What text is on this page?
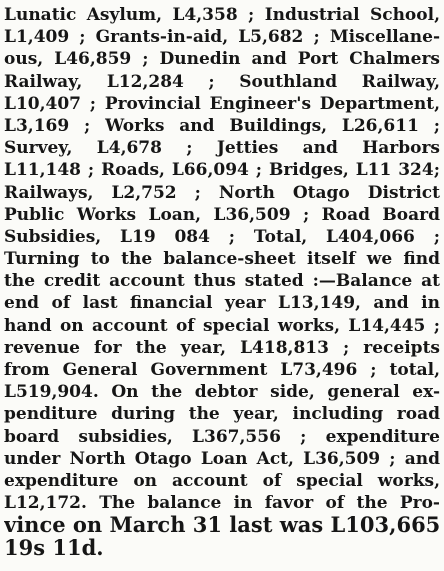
Lunatic Asylum, L4,358 ; Industrial School,
L1,409 ; Grants-in-aid, L5,682 ; Miscellane-
ous, L46,859 ; Dunedin and Port Chalmers
Railway, L12,284 ; Southland Railway,
L10,407 ; Provincial Engineer's Department,
L3,169 ; Works and Buildings, L26,611 ;
Survey, L4,678 ; Jetties and Harbors
L11,148 ; Roads, L66,094 ; Bridges, L11 324;
Railways, L2,752 ; North Otago District
Public Works Loan, L36,509 ; Road Board
Subsidies, L19 084 ; Total, L404,066 ;
Turning to the balance-sheet itself we find
the credit account thus stated :—Balance at
end of last financial year L13,149, and in
hand on account of special works, L14,445 ;
revenue for the year, L418,813 ; receipts
from General Government L73,496 ; total,
L519,904. On the debtor side, general ex-
penditure during the year, including road
board subsidies, L367,556 ; expenditure
under North Otago Loan Act, L36,509 ; and
expenditure on account of special works,
L12,172. The balance in favor of the Pro-
vince on March 31 last was L103,665
19s 11d.
